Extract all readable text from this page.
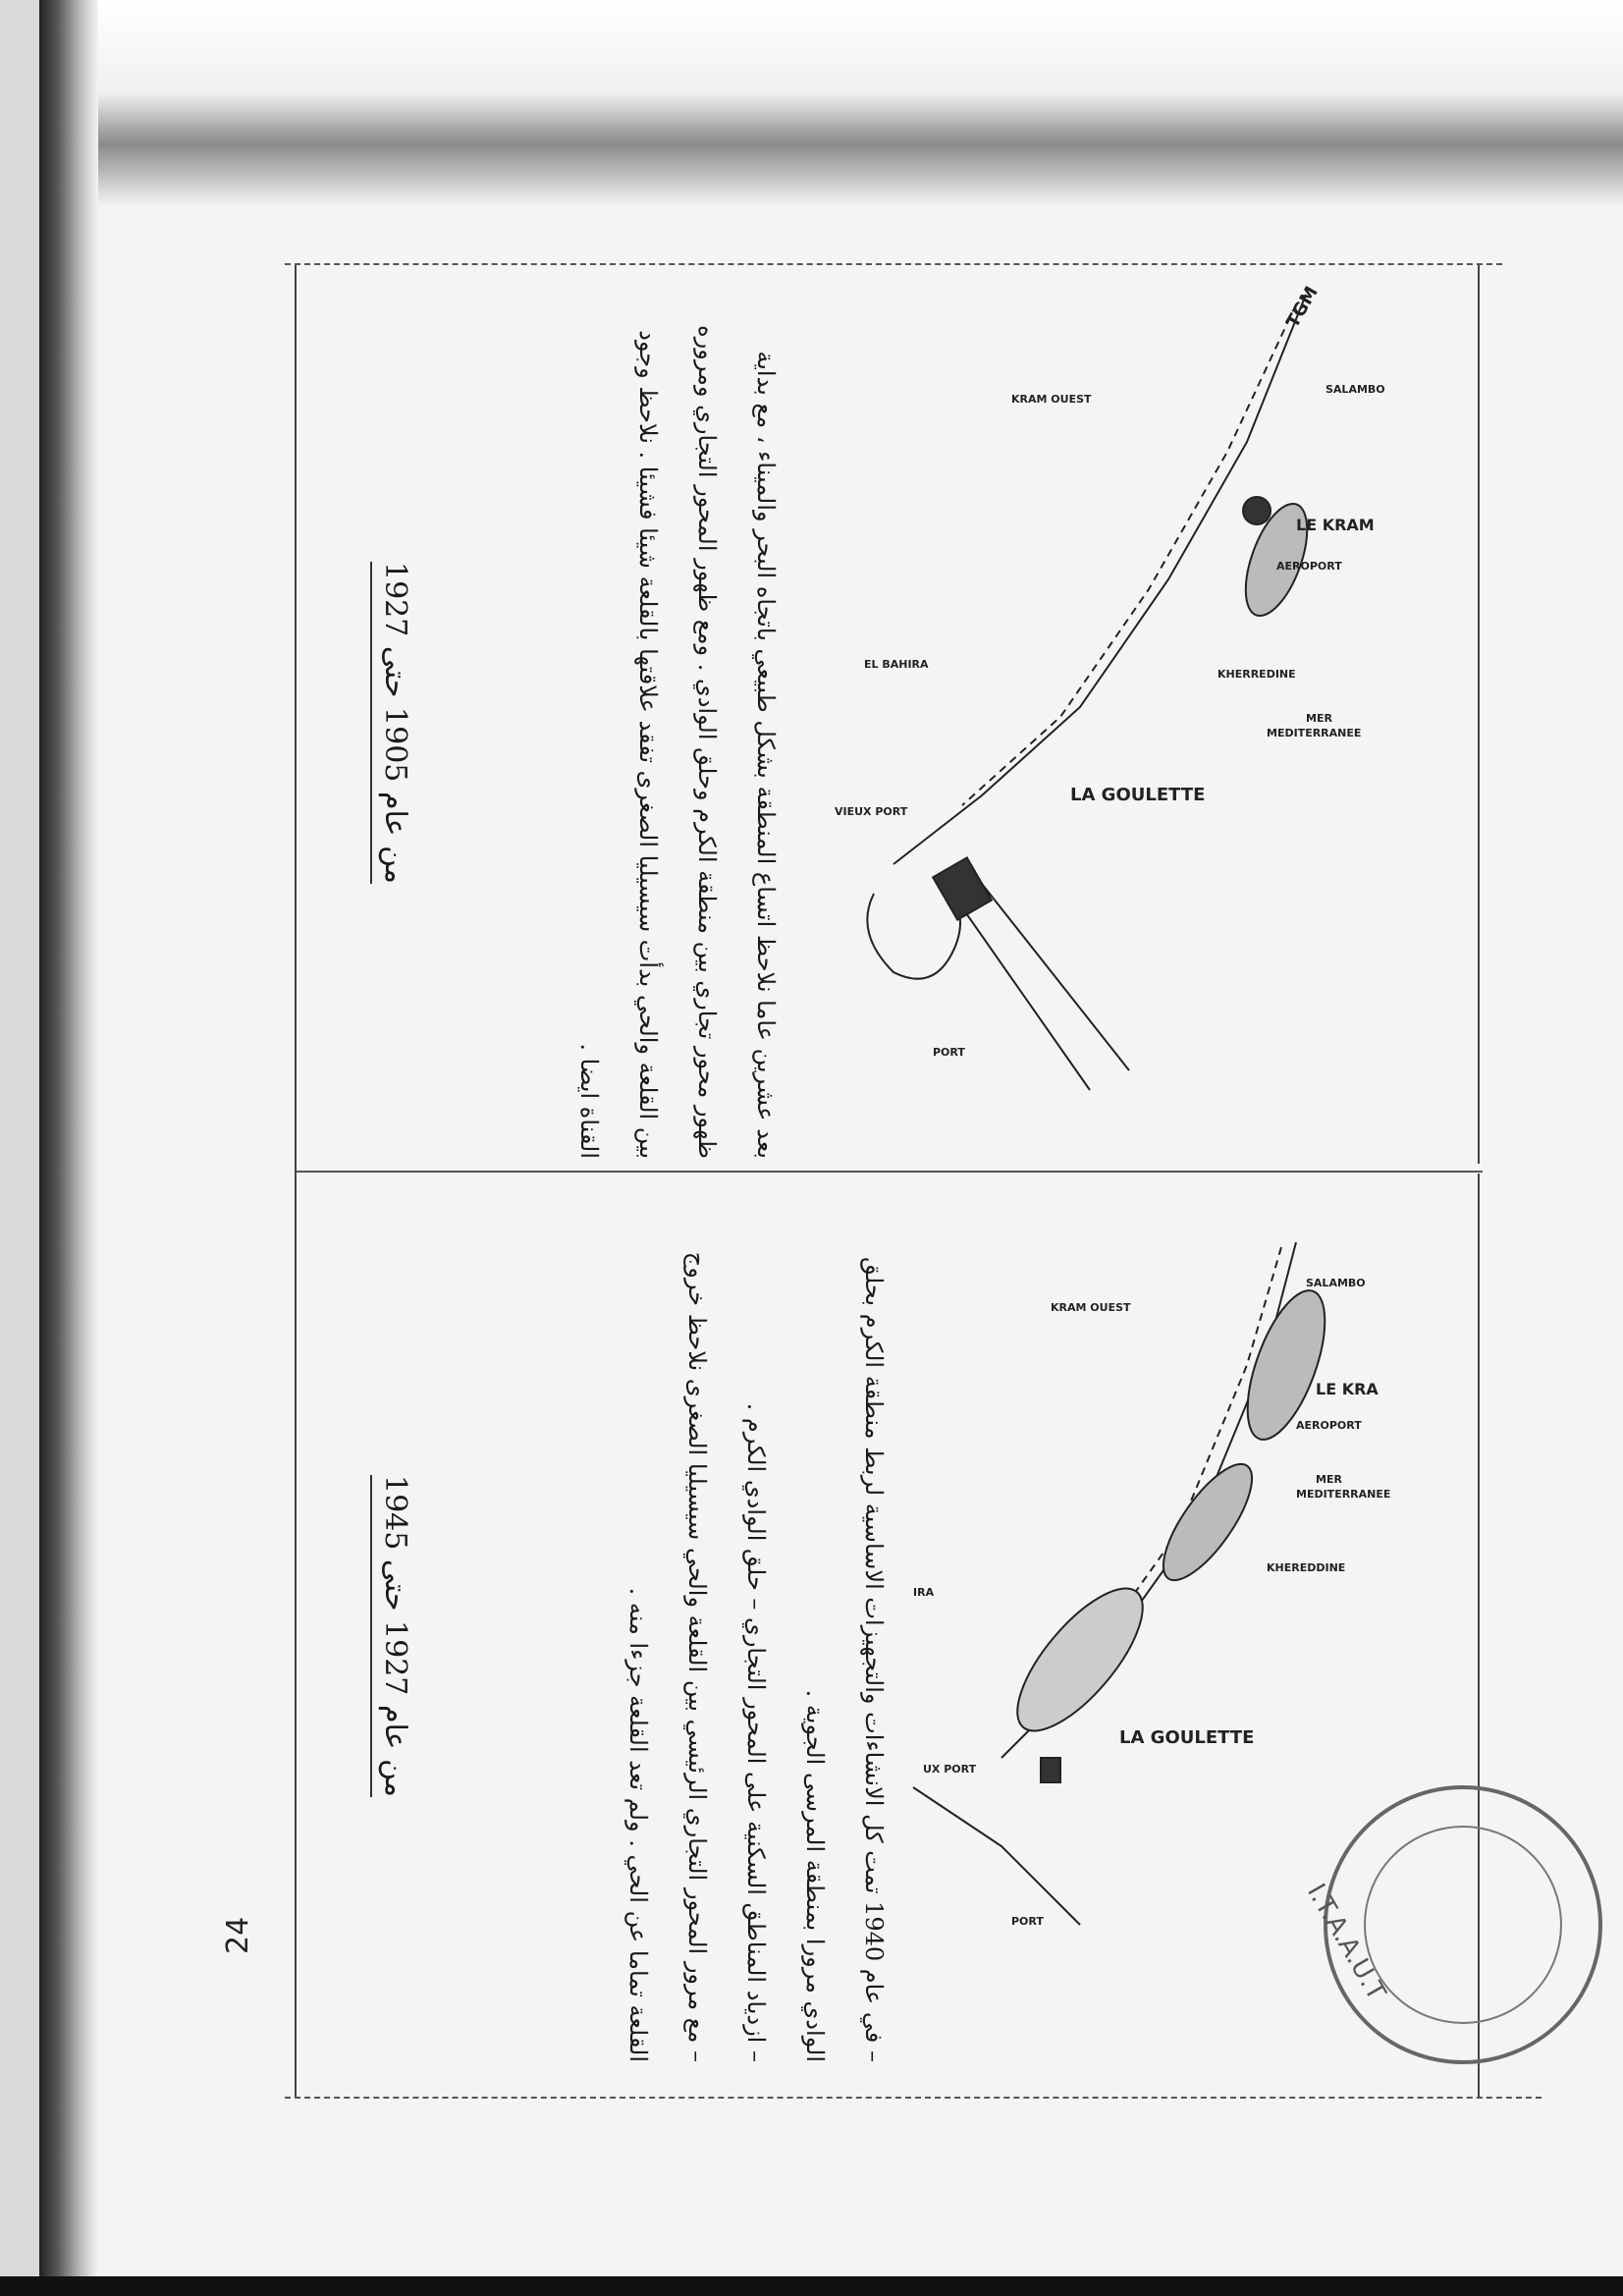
24
من عام 1905 حتى 1927	بعد عشرين عاما نلاحظ اتساع المنطقة بشكل طبيعي باتجاه البحر والميناء ، مع بداية ظهور محور تجاري بين منطقة الكرم وحلق الوادي . ومع ظهور المحور التجاري ومروره بين القلعة والحي بدأت سيسيليا الصغرى تفقد علاقتها بالقلعة شيئا فشيئا . نلاحظ وجود القناة ايضا .
من عام 1927 حتى 1945
– في عام 1940 تمت كل الانشاءات والتجهيزات الاساسية لربط منطقة الكرم بحلق الوادي مرورا بمنطقة المرسى الجوية .
– ازدياد المناطق السكنية على المحور التجاري – حلق الوادي الكرم .
– مع مرور المحور التجاري الرئيسي بين القلعة والحي سيسيليا الصغرى نلاحظ خروج القلعة تماما عن الحي . ولم تعد القلعة جزءا منه .
TGM
SALAMBO
KRAM OUEST
LE KRAM
AEROPORT
EL BAHIRA
KHERREDINE
MER
MEDITERRANEE
LA GOULETTE
VIEUX PORT
PORT
SALAMBO
KRAM OUEST
LE KRA
AEROPORT
MER
MEDITERRANEE
KHEREDDINE
IRA
LA GOULETTE
UX PORT
PORT	I.T.A.A.U.T
